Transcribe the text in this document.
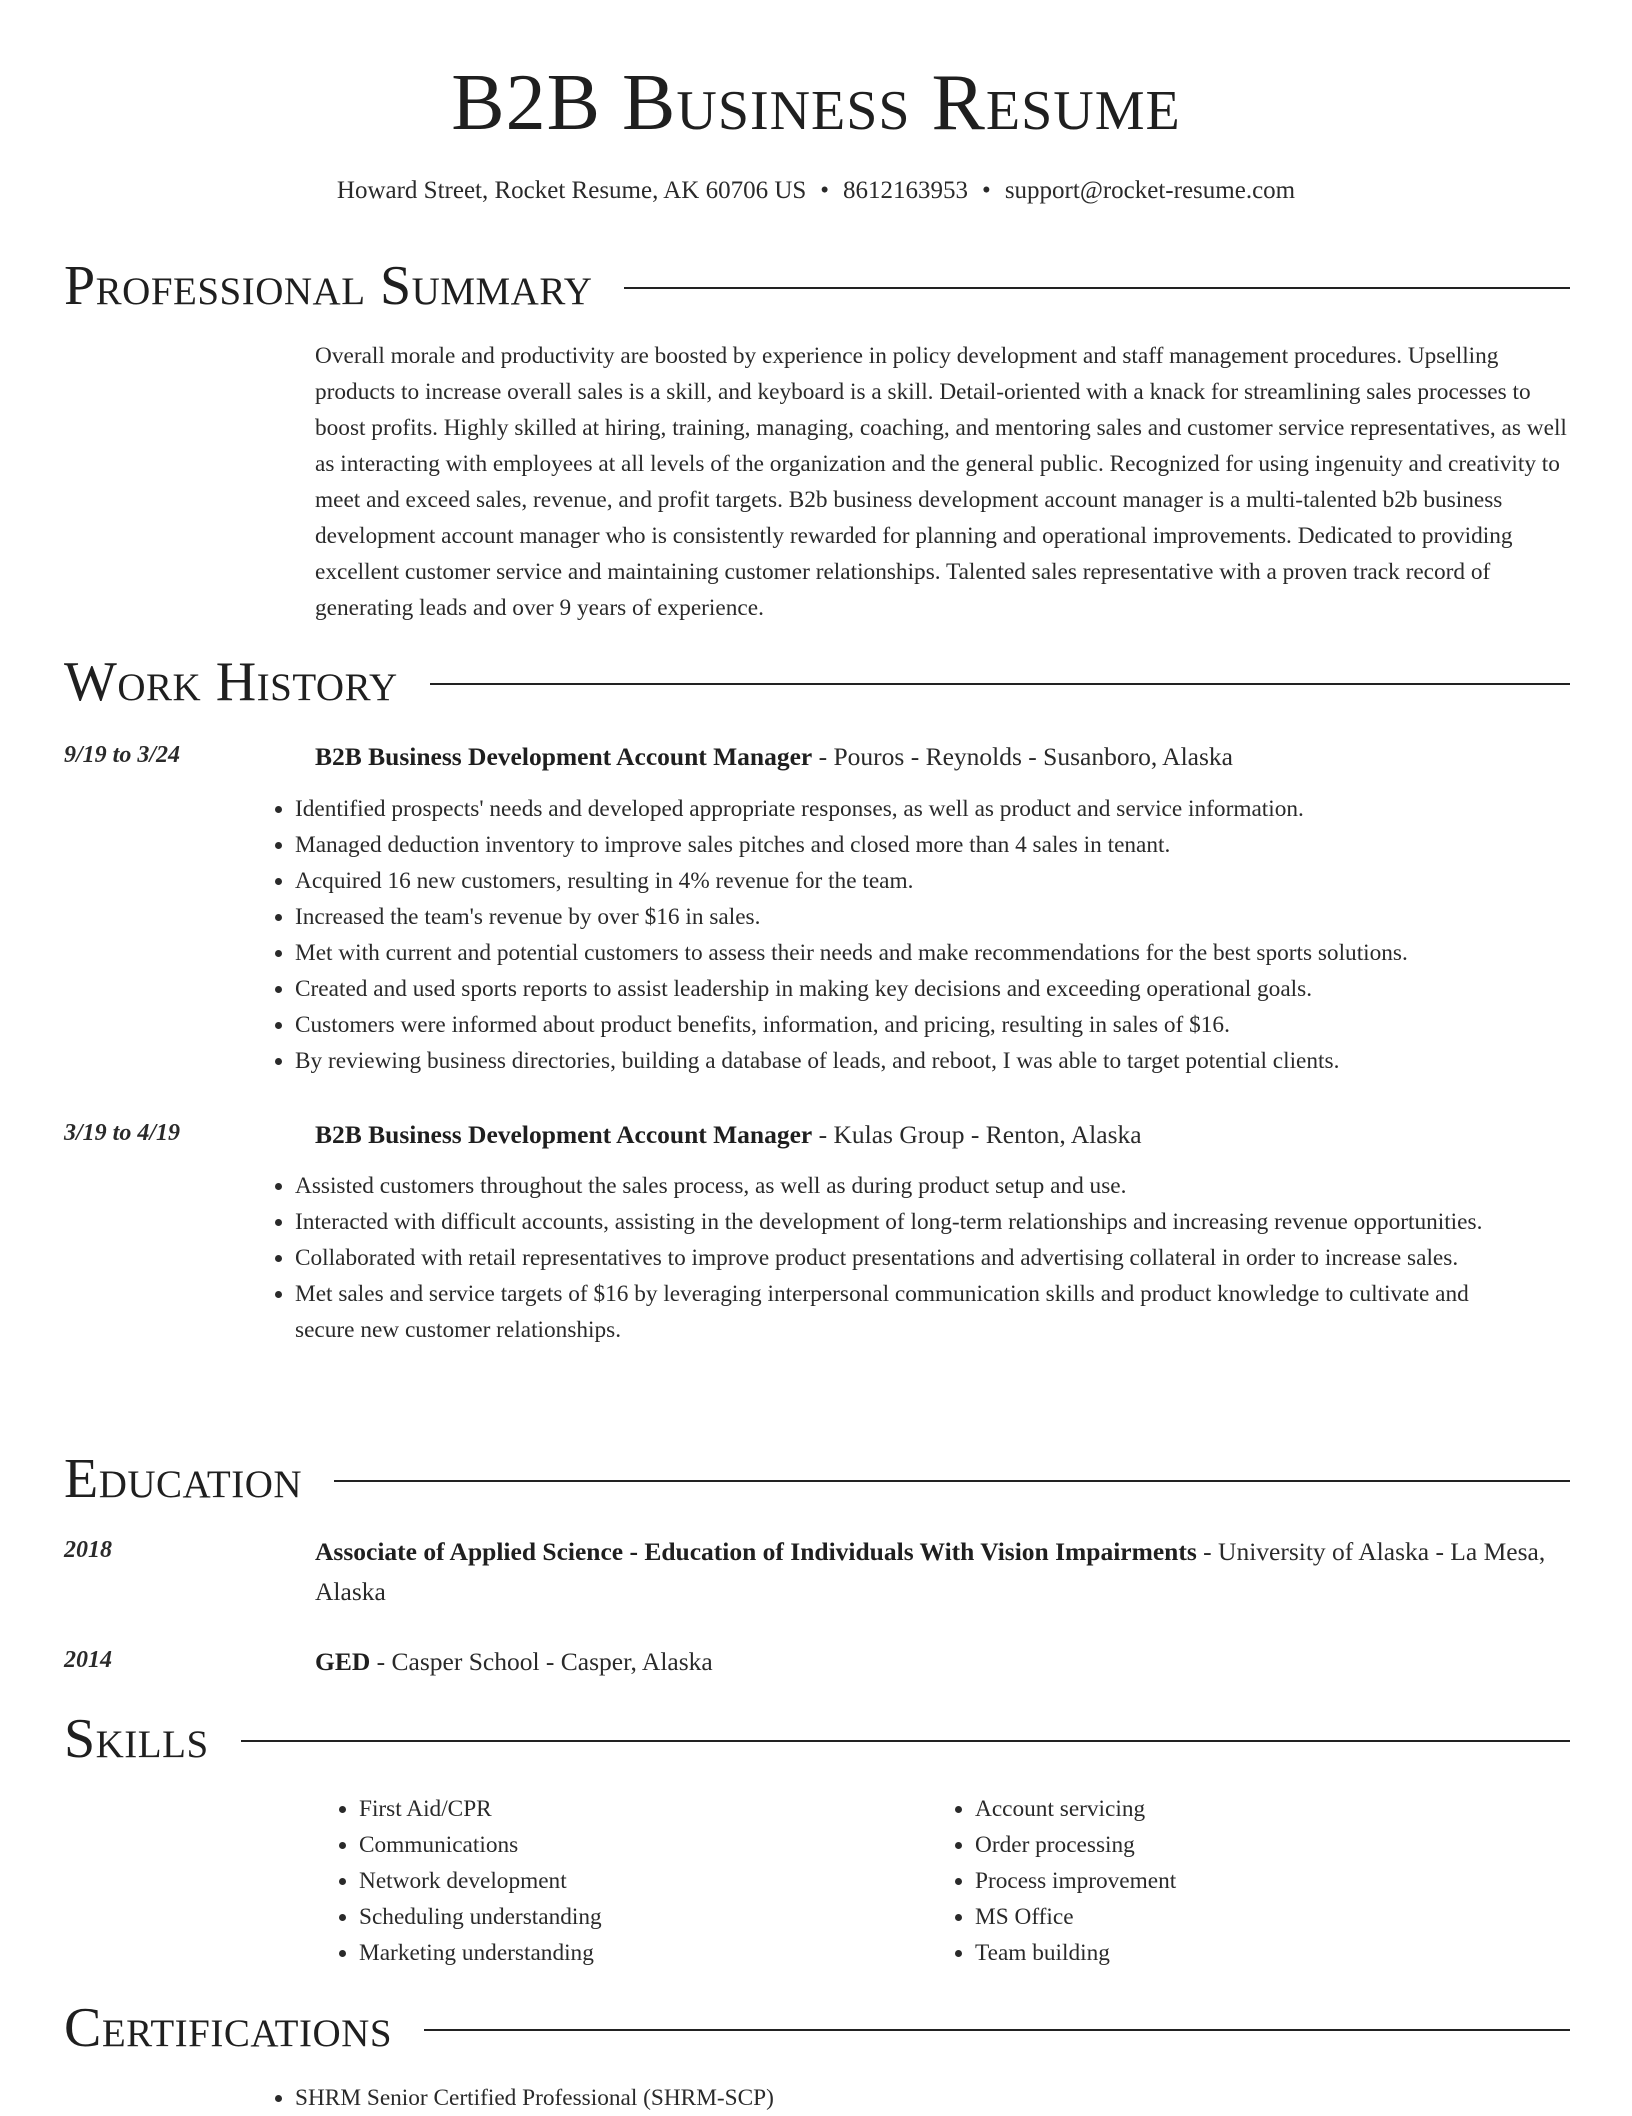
B2B Business Resume
Howard Street, Rocket Resume, AK 60706 US • 8612163953 • support@rocket-resume.com
Professional Summary

Overall morale and productivity are boosted by experience in policy development and staff management procedures. Upselling products to increase overall sales is a skill, and keyboard is a skill. Detail-oriented with a knack for streamlining sales processes to boost profits. Highly skilled at hiring, training, managing, coaching, and mentoring sales and customer service representatives, as well as interacting with employees at all levels of the organization and the general public. Recognized for using ingenuity and creativity to meet and exceed sales, revenue, and profit targets. B2b business development account manager is a multi-talented b2b business development account manager who is consistently rewarded for planning and operational improvements. Dedicated to providing excellent customer service and maintaining customer relationships. Talented sales representative with a proven track record of generating leads and over 9 years of experience.

Work History
9/19 to 3/24	B2B Business Development Account Manager - Pouros - Reynolds - Susanboro, Alaska
• Identified prospects' needs and developed appropriate responses, as well as product and service information.
• Managed deduction inventory to improve sales pitches and closed more than 4 sales in tenant.
• Acquired 16 new customers, resulting in 4% revenue for the team.
• Increased the team's revenue by over $16 in sales.
• Met with current and potential customers to assess their needs and make recommendations for the best sports solutions.
• Created and used sports reports to assist leadership in making key decisions and exceeding operational goals.
• Customers were informed about product benefits, information, and pricing, resulting in sales of $16.
• By reviewing business directories, building a database of leads, and reboot, I was able to target potential clients.
3/19 to 4/19	B2B Business Development Account Manager - Kulas Group - Renton, Alaska
• Assisted customers throughout the sales process, as well as during product setup and use.
• Interacted with difficult accounts, assisting in the development of long-term relationships and increasing revenue opportunities.
• Collaborated with retail representatives to improve product presentations and advertising collateral in order to increase sales.
• Met sales and service targets of $16 by leveraging interpersonal communication skills and product knowledge to cultivate and secure new customer relationships.
Education
2018	Associate of Applied Science - Education of Individuals With Vision Impairments - University of Alaska - La Mesa, Alaska
2014	GED - Casper School - Casper, Alaska
Skills
• First Aid/CPR
• Communications
• Network development
• Scheduling understanding
• Marketing understanding
• Account servicing
• Order processing
• Process improvement
• MS Office
• Team building
Certifications
• SHRM Senior Certified Professional (SHRM-SCP)
